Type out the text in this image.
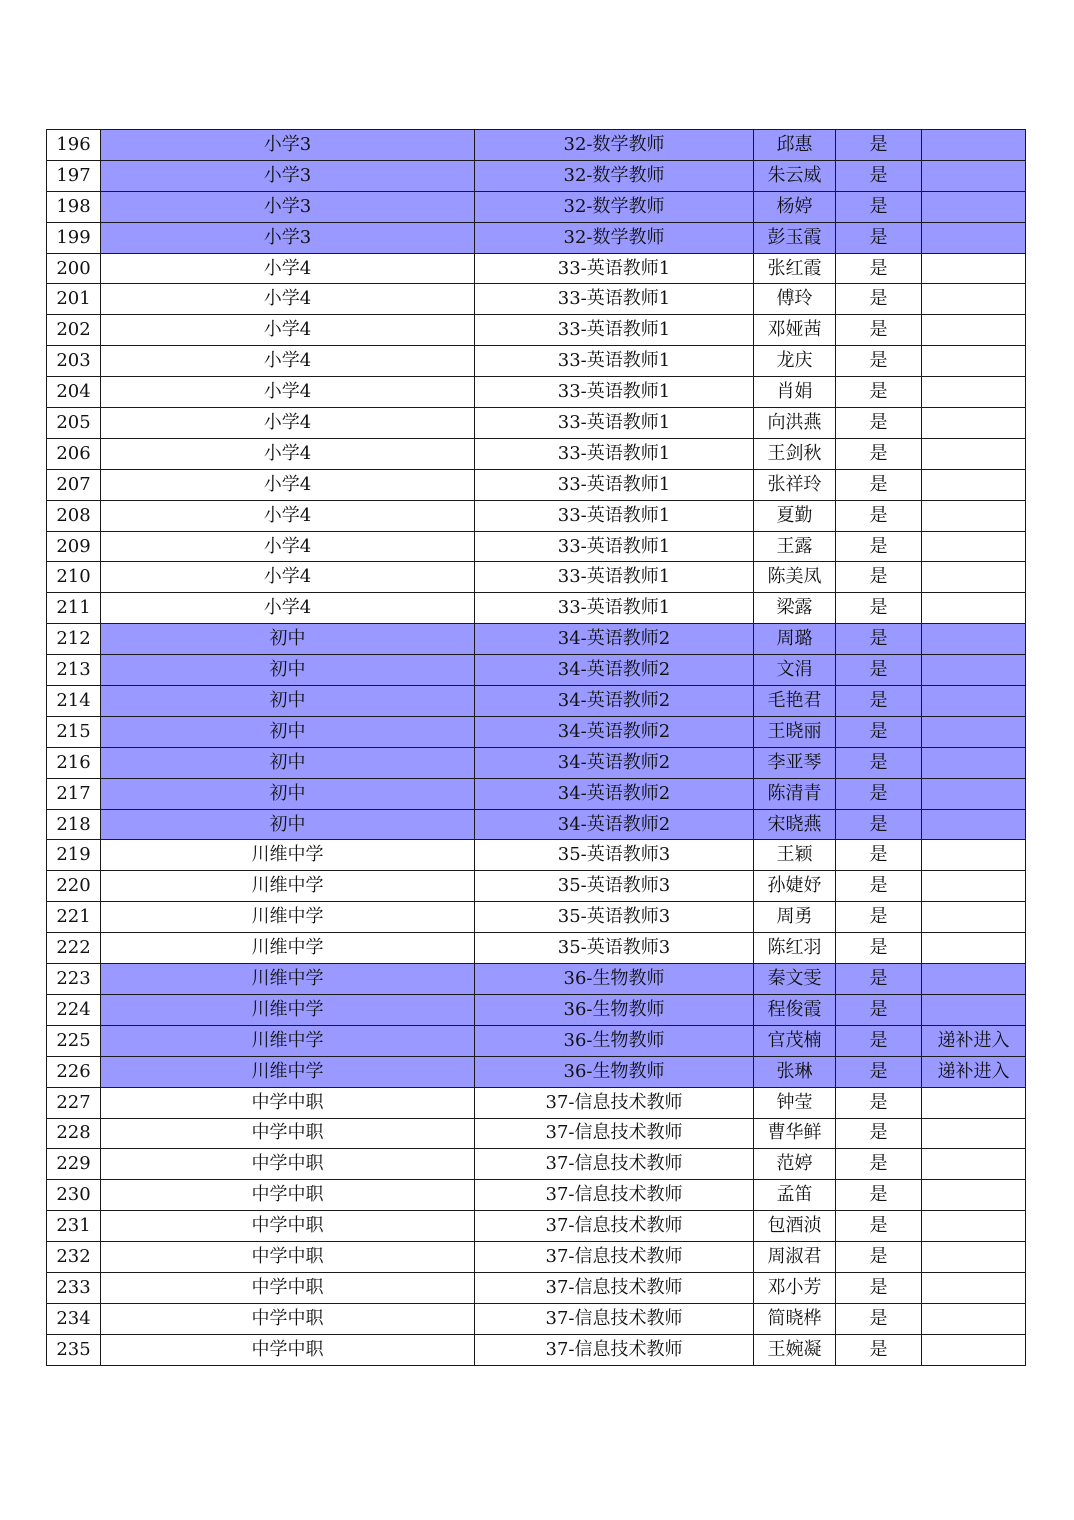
196	小学3	32-数学教师	邱惠	是	
197	小学3	32-数学教师	朱云威	是	
198	小学3	32-数学教师	杨婷	是	
199	小学3	32-数学教师	彭玉霞	是	
200	小学4	33-英语教师1	张红霞	是	
201	小学4	33-英语教师1	傅玲	是	
202	小学4	33-英语教师1	邓娅茜	是	
203	小学4	33-英语教师1	龙庆	是	
204	小学4	33-英语教师1	肖娟	是	
205	小学4	33-英语教师1	向洪燕	是	
206	小学4	33-英语教师1	王剑秋	是	
207	小学4	33-英语教师1	张祥玲	是	
208	小学4	33-英语教师1	夏勤	是	
209	小学4	33-英语教师1	王露	是	
210	小学4	33-英语教师1	陈美凤	是	
211	小学4	33-英语教师1	梁露	是	
212	初中	34-英语教师2	周璐	是	
213	初中	34-英语教师2	文涓	是	
214	初中	34-英语教师2	毛艳君	是	
215	初中	34-英语教师2	王晓丽	是	
216	初中	34-英语教师2	李亚琴	是	
217	初中	34-英语教师2	陈清青	是	
218	初中	34-英语教师2	宋晓燕	是	
219	川维中学	35-英语教师3	王颖	是	
220	川维中学	35-英语教师3	孙婕妤	是	
221	川维中学	35-英语教师3	周勇	是	
222	川维中学	35-英语教师3	陈红羽	是	
223	川维中学	36-生物教师	秦文雯	是	
224	川维中学	36-生物教师	程俊霞	是	
225	川维中学	36-生物教师	官茂楠	是	递补进入
226	川维中学	36-生物教师	张琳	是	递补进入
227	中学中职	37-信息技术教师	钟莹	是	
228	中学中职	37-信息技术教师	曹华鲜	是	
229	中学中职	37-信息技术教师	范婷	是	
230	中学中职	37-信息技术教师	孟笛	是	
231	中学中职	37-信息技术教师	包酒浈	是	
232	中学中职	37-信息技术教师	周淑君	是	
233	中学中职	37-信息技术教师	邓小芳	是	
234	中学中职	37-信息技术教师	简晓桦	是	
235	中学中职	37-信息技术教师	王婉凝	是	
